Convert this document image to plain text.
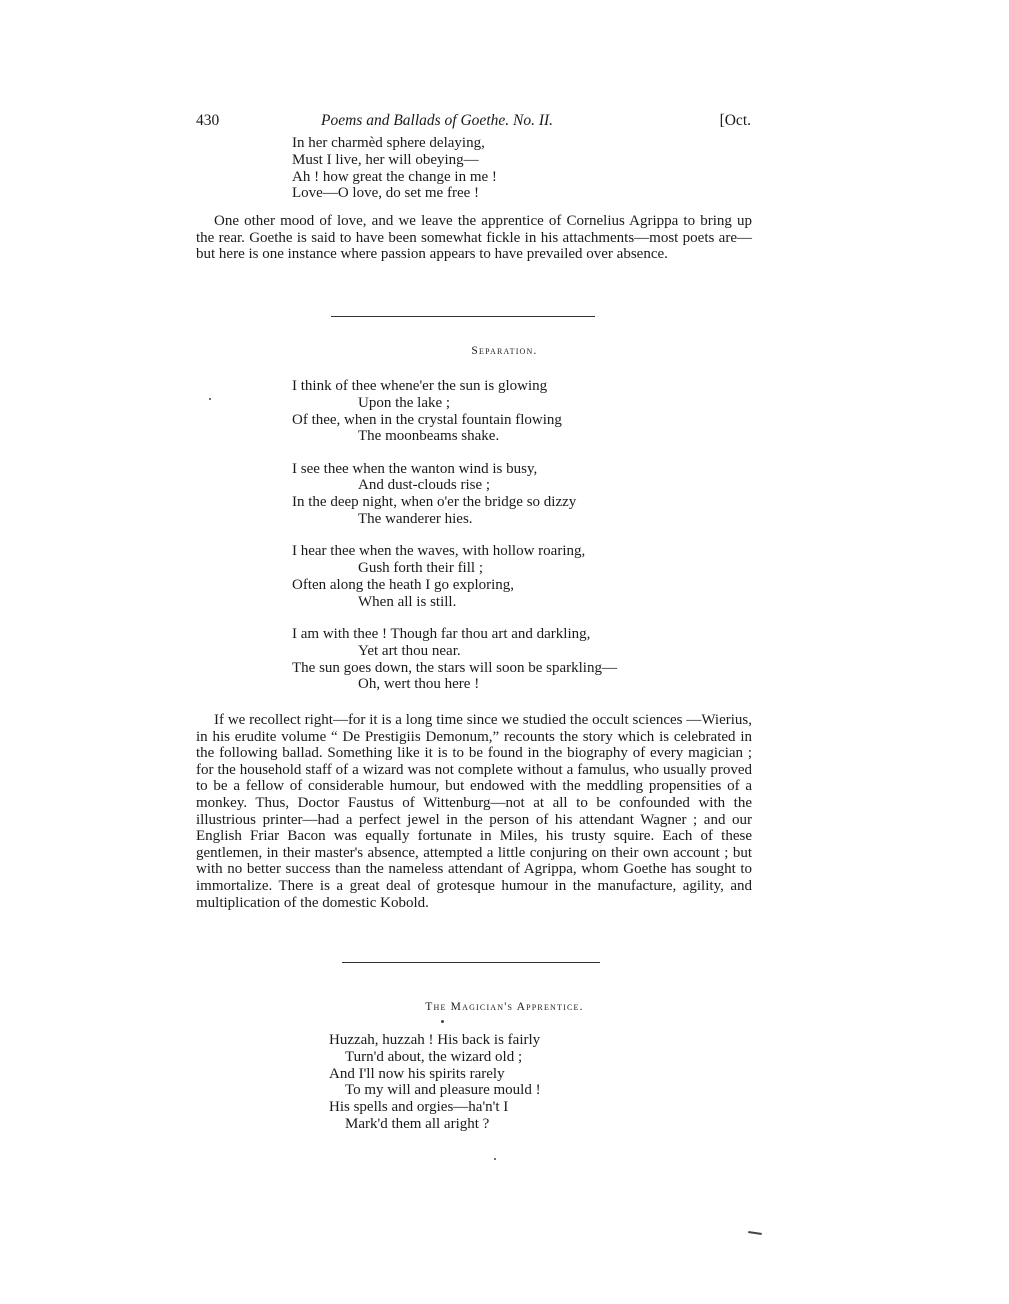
430	Poems and Ballads of Goethe. No. II.	[Oct.
In her charmèd sphere delaying,
Must I live, her will obeying—
Ah ! how great the change in me !
Love—O love, do set me free !

One other mood of love, and we leave the apprentice of Cornelius Agrippa to bring up the rear. Goethe is said to have been somewhat fickle in his attachments—most poets are—but here is one instance where passion appears to have prevailed over absence.

Separation.
I think of thee whene'er the sun is glowing
Upon the lake ;
Of thee, when in the crystal fountain flowing
The moonbeams shake.
I see thee when the wanton wind is busy,
And dust-clouds rise ;
In the deep night, when o'er the bridge so dizzy
The wanderer hies.
I hear thee when the waves, with hollow roaring,
Gush forth their fill ;
Often along the heath I go exploring,
When all is still.
I am with thee ! Though far thou art and darkling,
Yet art thou near.
The sun goes down, the stars will soon be sparkling—
Oh, wert thou here !

If we recollect right—for it is a long time since we studied the occult sciences —Wierius, in his erudite volume “ De Prestigiis Demonum,” recounts the story which is celebrated in the following ballad. Something like it is to be found in the biography of every magician ; for the household staff of a wizard was not complete without a famulus, who usually proved to be a fellow of considerable humour, but endowed with the meddling propensities of a monkey. Thus, Doctor Faustus of Wittenburg—not at all to be confounded with the illustrious printer—had a perfect jewel in the person of his attendant Wagner ; and our English Friar Bacon was equally fortunate in Miles, his trusty squire. Each of these gentlemen, in their master's absence, attempted a little conjuring on their own account ; but with no better success than the nameless attendant of Agrippa, whom Goethe has sought to immortalize. There is a great deal of grotesque humour in the manufacture, agility, and multiplication of the domestic Kobold.

The Magician's Apprentice.
Huzzah, huzzah ! His back is fairly
Turn'd about, the wizard old ;
And I'll now his spirits rarely
To my will and pleasure mould !
His spells and orgies—ha'n't I
Mark'd them all aright ?
